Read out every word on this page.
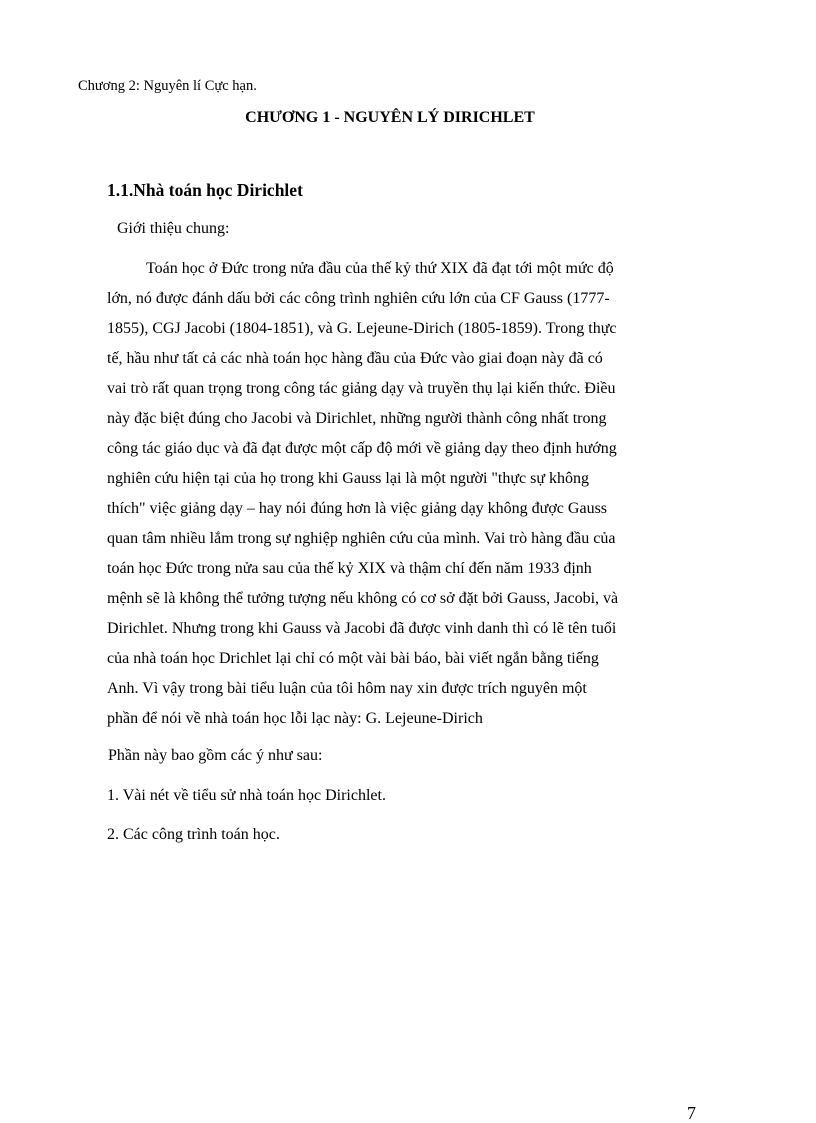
Chương 2: Nguyên lí Cực hạn.
CHƯƠNG 1 - NGUYÊN LÝ DIRICHLET
1.1.Nhà toán học Dirichlet
Giới thiệu chung:
Toán học ở Đức trong nửa đầu của thế kỷ thứ XIX đã đạt tới một mức độ
lớn, nó được đánh dấu bởi các công trình nghiên cứu lớn của CF Gauss (1777-
1855), CGJ Jacobi (1804-1851), và G. Lejeune-Dirich (1805-1859). Trong thực
tế, hầu như tất cả các nhà toán học hàng đầu của Đức vào giai đoạn này đã có
vai trò rất quan trọng trong công tác giảng dạy và truyền thụ lại kiến thức. Điều
này đặc biệt đúng cho Jacobi và Dirichlet, những người thành công nhất trong
công tác giáo dục và đã đạt được một cấp độ mới về giảng dạy theo định hướng
nghiên cứu hiện tại của họ trong khi Gauss lại là một người "thực sự không
thích" việc giảng dạy – hay nói đúng hơn là việc giảng dạy không được Gauss
quan tâm nhiều lắm trong sự nghiệp nghiên cứu của mình. Vai trò hàng đầu của
toán học Đức trong nửa sau của thế kỷ XIX và thậm chí đến năm 1933 định
mệnh sẽ là không thể tưởng tượng nếu không có cơ sở đặt bởi Gauss, Jacobi, và
Dirichlet. Nhưng trong khi Gauss và Jacobi đã được vinh danh thì có lẽ tên tuổi
của nhà toán học Drichlet lại chỉ có một vài bài báo, bài viết ngắn bằng tiếng
Anh. Vì vậy trong bài tiểu luận của tôi hôm nay xin được trích nguyên một
phần để nói về nhà toán học lỗi lạc này: G. Lejeune-Dirich
Phần này bao gồm các ý như sau:
1. Vài nét về tiểu sử nhà toán học Dirichlet.
2. Các công trình toán học.
7
